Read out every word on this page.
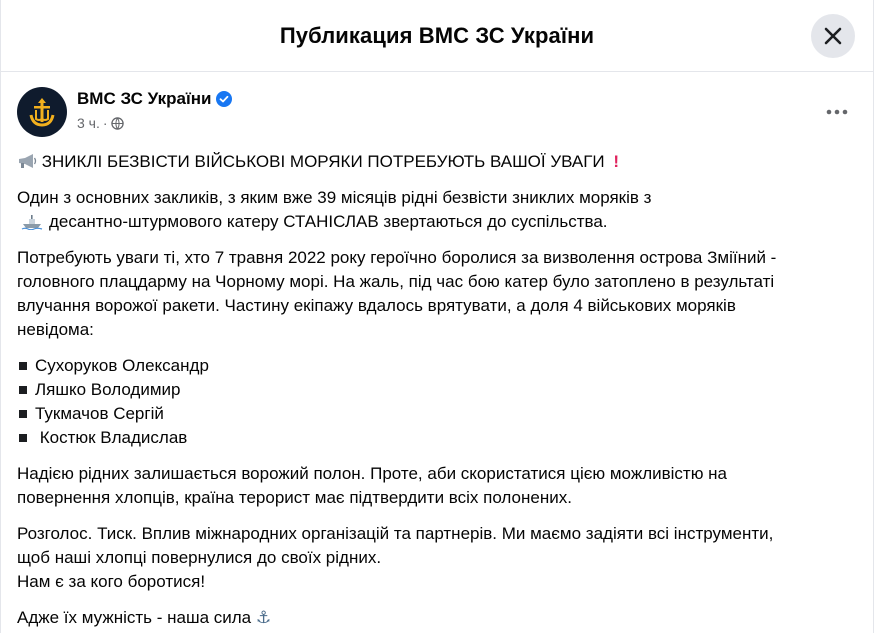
Публикация ВМС ЗС України
ВМС ЗС України
3 ч. ·
ЗНИКЛІ БЕЗВІСТИ ВІЙСЬКОВІ МОРЯКИ ПОТРЕБУЮТЬ ВАШОЇ УВАГИ !
Один з основних закликів, з яким вже 39 місяців рідні безвісти зниклих моряків з
десантно-штурмового катеру СТАНІСЛАВ звертаються до суспільства.
Потребують уваги ті, хто 7 травня 2022 року героїчно боролися за визволення острова Зміїний -
головного плацдарму на Чорному морі. На жаль, під час бою катер було затоплено в результаті
влучання ворожої ракети. Частину екіпажу вдалось врятувати, а доля 4 військових моряків
невідома:
Сухоруков Олександр
Ляшко Володимир
Тукмачов Сергій
Костюк Владислав
Надією рідних залишається ворожий полон. Проте, аби скористатися цією можливістю на
повернення хлопців, країна терорист має підтвердити всіх полонених.
Розголос. Тиск. Вплив міжнародних організацій та партнерів. Ми маємо задіяти всі інструменти,
щоб наші хлопці повернулися до своїх рідних.
Нам є за кого боротися!
Адже їх мужність - наша сила ⚓
